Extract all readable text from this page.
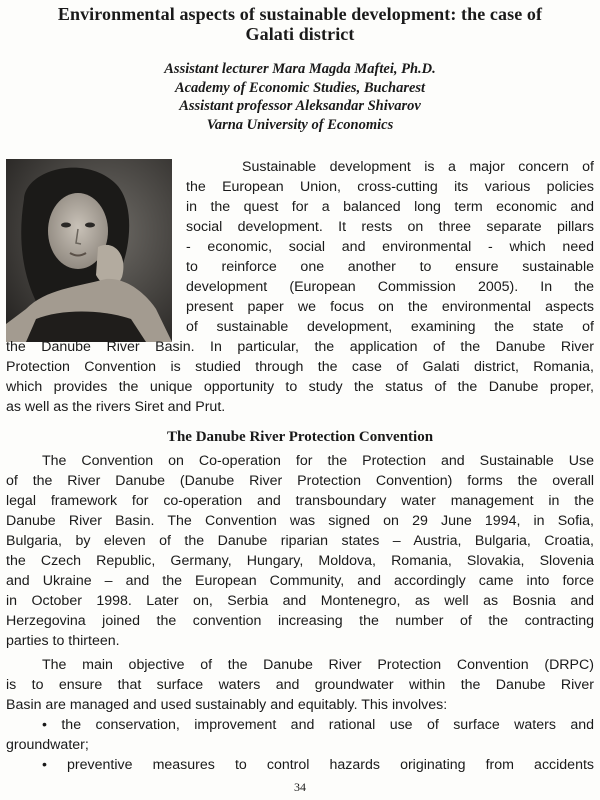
Environmental aspects of sustainable development: the case of
Galati district
Assistant lecturer Mara Magda Maftei, Ph.D.
Academy of Economic Studies, Bucharest
Assistant professor Aleksandar Shivarov
Varna University of Economics
Sustainable development is a major concern of
the European Union, cross-cutting its various policies
in the quest for a balanced long term economic and
social development. It rests on three separate pillars
- economic, social and environmental - which need
to reinforce one another to ensure sustainable
development (European Commission 2005). In the
present paper we focus on the environmental aspects
of sustainable development, examining the state of
the Danube River Basin. In particular, the application of the Danube River
Protection Convention is studied through the case of Galati district, Romania,
which provides the unique opportunity to study the status of the Danube proper,
as well as the rivers Siret and Prut.
The Danube River Protection Convention
The Convention on Co-operation for the Protection and Sustainable Use
of the River Danube (Danube River Protection Convention) forms the overall
legal framework for co-operation and transboundary water management in the
Danube River Basin. The Convention was signed on 29 June 1994, in Sofia,
Bulgaria, by eleven of the Danube riparian states – Austria, Bulgaria, Croatia,
the Czech Republic, Germany, Hungary, Moldova, Romania, Slovakia, Slovenia
and Ukraine – and the European Community, and accordingly came into force
in October 1998. Later on, Serbia and Montenegro, as well as Bosnia and
Herzegovina joined the convention increasing the number of the contracting
parties to thirteen.
The main objective of the Danube River Protection Convention (DRPC)
is to ensure that surface waters and groundwater within the Danube River
Basin are managed and used sustainably and equitably. This involves:
• the conservation, improvement and rational use of surface waters and
groundwater;
• preventive measures to control hazards originating from accidents
34
